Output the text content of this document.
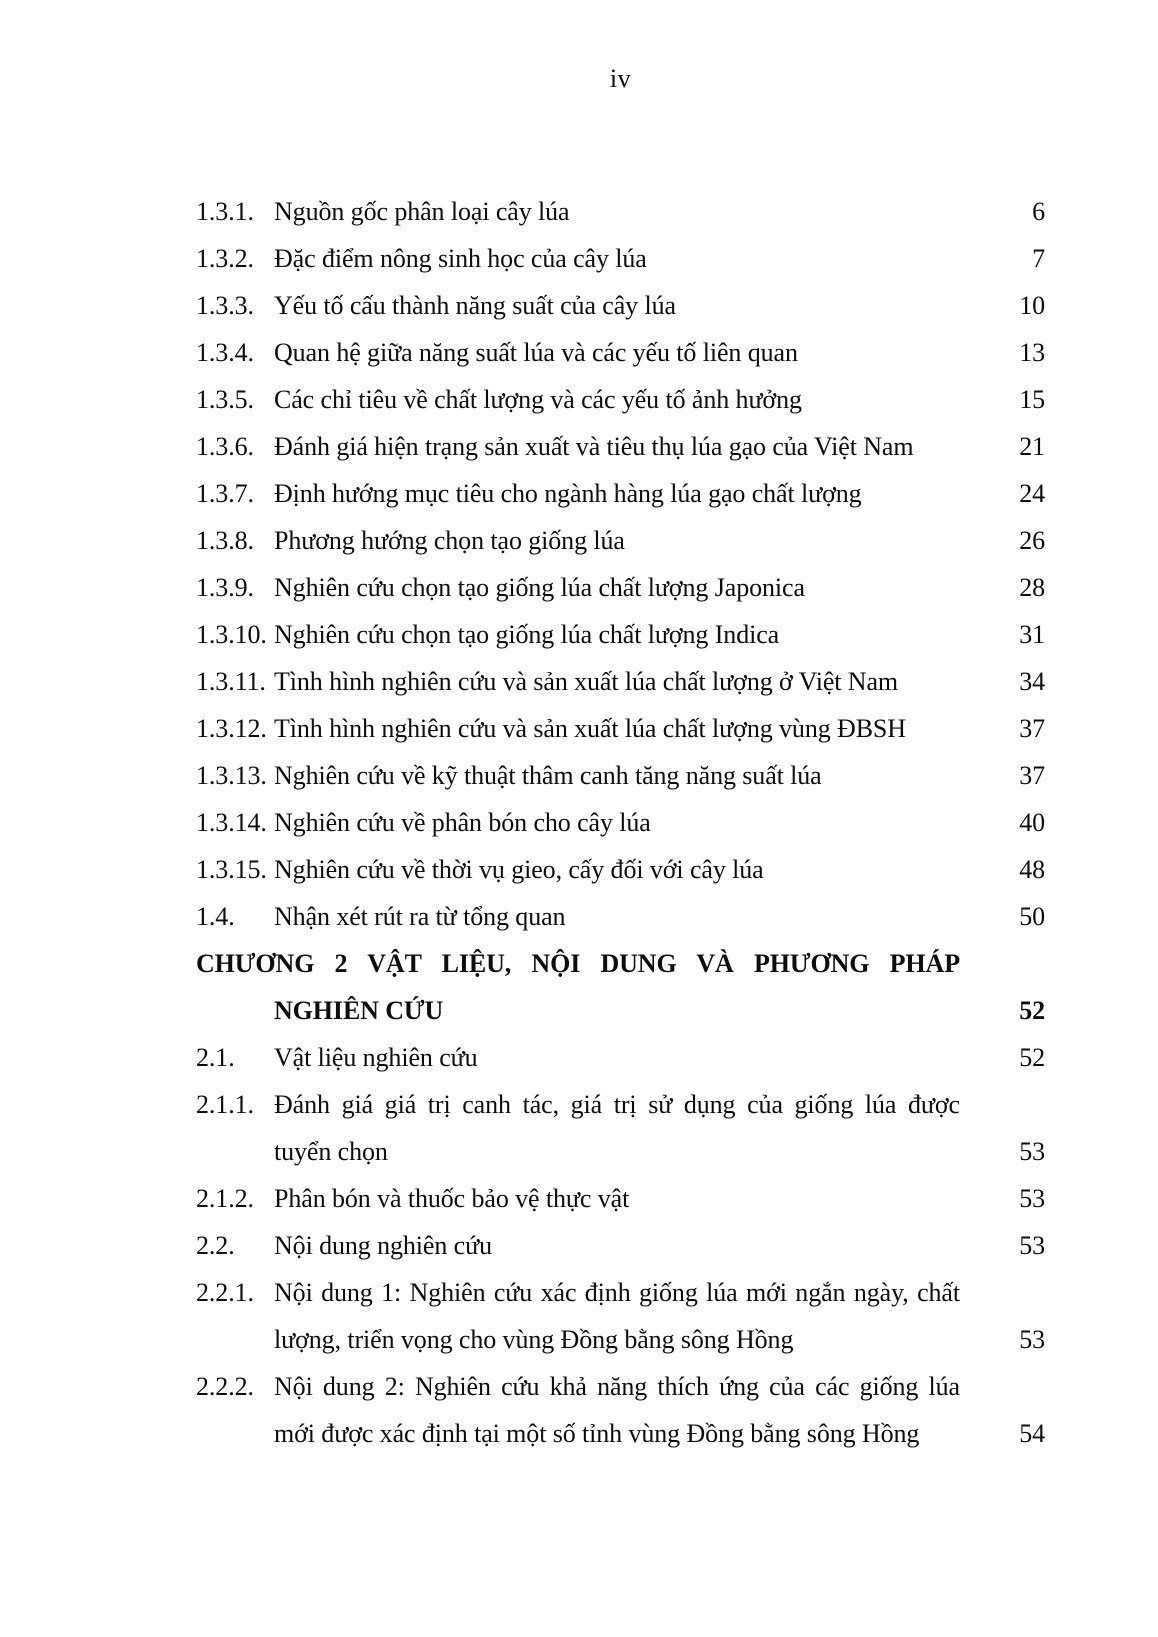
iv
1.3.1. Nguồn gốc phân loại cây lúa	6
1.3.2. Đặc điểm nông sinh học của cây lúa	7
1.3.3. Yếu tố cấu thành năng suất của cây lúa	10
1.3.4. Quan hệ giữa năng suất lúa và các yếu tố liên quan	13
1.3.5. Các chỉ tiêu về chất lượng và các yếu tố ảnh hưởng	15
1.3.6. Đánh giá hiện trạng sản xuất và tiêu thụ lúa gạo của Việt Nam	21
1.3.7. Định hướng mục tiêu cho ngành hàng lúa gạo chất lượng	24
1.3.8. Phương hướng chọn tạo giống lúa	26
1.3.9. Nghiên cứu chọn tạo giống lúa chất lượng Japonica	28
1.3.10. Nghiên cứu chọn tạo giống lúa chất lượng Indica	31
1.3.11. Tình hình nghiên cứu và sản xuất lúa chất lượng ở Việt Nam	34
1.3.12. Tình hình nghiên cứu và sản xuất lúa chất lượng vùng ĐBSH	37
1.3.13. Nghiên cứu về kỹ thuật thâm canh tăng năng suất lúa	37
1.3.14. Nghiên cứu về phân bón cho cây lúa	40
1.3.15. Nghiên cứu về thời vụ gieo, cấy đối với cây lúa	48
1.4.	Nhận xét rút ra từ tổng quan	50
CHƯƠNG 2 VẬT LIỆU, NỘI DUNG VÀ PHƯƠNG PHÁP
NGHIÊN CỨU	52
2.1.	Vật liệu nghiên cứu	52
2.1.1. Đánh giá giá trị canh tác, giá trị sử dụng của giống lúa được
tuyển chọn	53
2.1.2. Phân bón và thuốc bảo vệ thực vật	53
2.2.	Nội dung nghiên cứu	53
2.2.1. Nội dung 1: Nghiên cứu xác định giống lúa mới ngắn ngày, chất
lượng, triển vọng cho vùng Đồng bằng sông Hồng	53
2.2.2. Nội dung 2: Nghiên cứu khả năng thích ứng của các giống lúa
mới được xác định tại một số tỉnh vùng Đồng bằng sông Hồng	54
